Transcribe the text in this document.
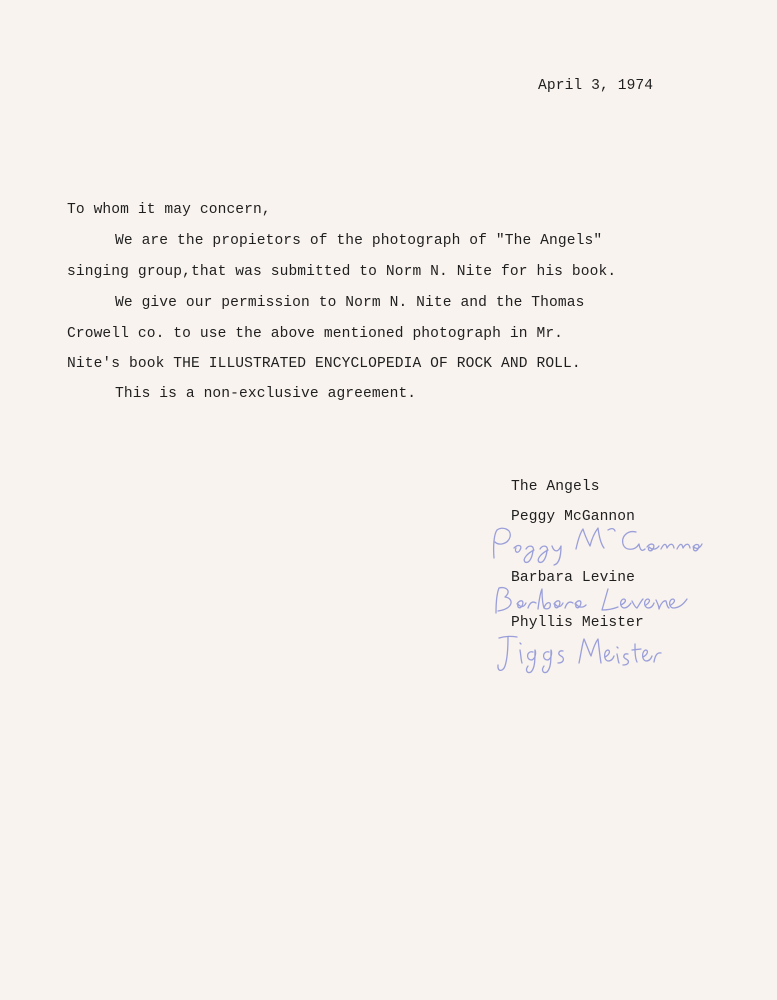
April 3, 1974
To whom it may concern,
We are the propietors of the photograph of "The Angels"
singing group,that was submitted to Norm N. Nite for his book.
We give our permission to Norm N. Nite and the Thomas
Crowell co. to use the above mentioned photograph in Mr.
Nite's book THE ILLUSTRATED ENCYCLOPEDIA OF ROCK AND ROLL.
This is a non-exclusive agreement.
The Angels
Peggy McGannon
Barbara Levine
Phyllis Meister
